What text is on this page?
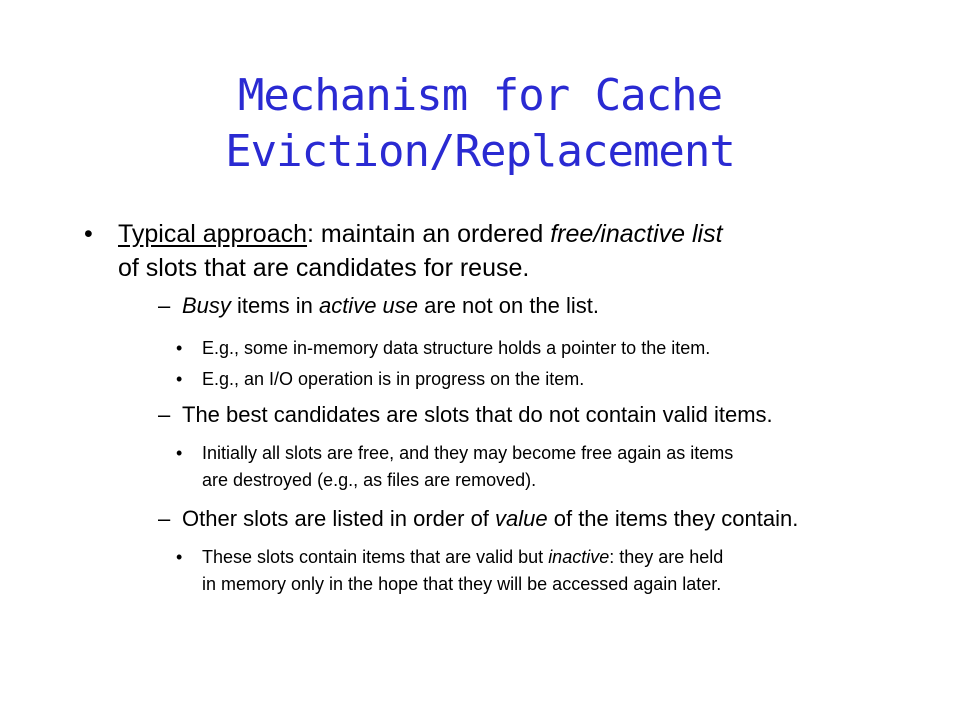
Mechanism for Cache
Eviction/Replacement
• Typical approach: maintain an ordered free/inactive list
of slots that are candidates for reuse.
– Busy items in active use are not on the list.
• E.g., some in-memory data structure holds a pointer to the item.
• E.g., an I/O operation is in progress on the item.
– The best candidates are slots that do not contain valid items.
• Initially all slots are free, and they may become free again as items
are destroyed (e.g., as files are removed).
– Other slots are listed in order of value of the items they contain.
• These slots contain items that are valid but inactive: they are held
in memory only in the hope that they will be accessed again later.
